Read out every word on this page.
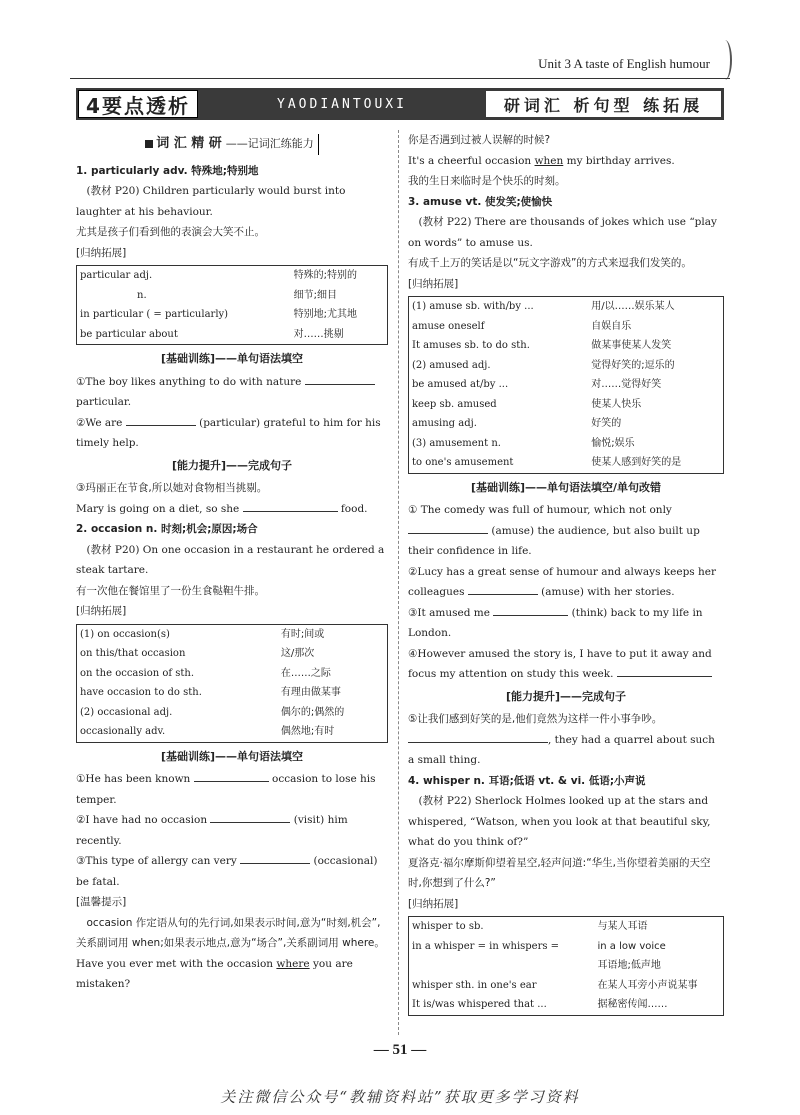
Unit 3 A taste of English humour
4要点透析	YAODIANTOUXI	研词汇 析句型 练拓展
词 汇 精 研 ——记词汇练能力
1. particularly adv. 特殊地;特别地
(教材 P20) Children particularly would burst into laughter at his behaviour.
尤其是孩子们看到他的表演会大笑不止。
[归纳拓展]
particular adj.	特殊的;特别的
n.	细节;细目
in particular ( = particularly)	特别地;尤其地
be particular about	对……挑剔
[基础训练]——单句语法填空
①The boy likes anything to do with nature  particular.
②We are	(particular) grateful to him for his timely help.
[能力提升]——完成句子
③玛丽正在节食,所以她对食物相当挑剔。
Mary is going on a diet, so she	food.
2. occasion n. 时刻;机会;原因;场合
(教材 P20) On one occasion in a restaurant he ordered a steak tartare.
有一次他在餐馆里了一份生食鞑靼牛排。
[归纳拓展]
(1) on occasion(s)	有时;间或
on this/that occasion	这/那次
on the occasion of sth.	在……之际
have occasion to do sth.	有理由做某事
(2) occasional adj.	偶尔的;偶然的
occasionally adv.	偶然地;有时
[基础训练]——单句语法填空
①He has been known	occasion to lose his temper.
②I have had no occasion	(visit) him recently.
③This type of allergy can very	(occasional) be fatal.
[温馨提示]
occasion 作定语从句的先行词,如果表示时间,意为“时刻,机会”,关系副词用 when;如果表示地点,意为“场合”,关系副词用 where。
Have you ever met with the occasion where you are mistaken?
你是否遇到过被人误解的时候?
It's a cheerful occasion when my birthday arrives.
我的生日来临时是个快乐的时刻。
3. amuse vt. 使发笑;使愉快
(教材 P22) There are thousands of jokes which use “play on words” to amuse us.
有成千上万的笑话是以“玩文字游戏”的方式来逗我们发笑的。
[归纳拓展]
(1) amuse sb. with/by ...	用/以……娱乐某人
amuse oneself	自娱自乐
It amuses sb. to do sth.	做某事使某人发笑
(2) amused adj.	觉得好笑的;逗乐的
be amused at/by ...	对……觉得好笑
keep sb. amused	使某人快乐
amusing adj.	好笑的
(3) amusement n.	愉悦;娱乐
to one's amusement	使某人感到好笑的是
[基础训练]——单句语法填空/单句改错
① The comedy was full of humour, which not only  (amuse) the audience, but also built up their confidence in life.
②Lucy has a great sense of humour and always keeps her colleagues	(amuse) with her stories.
③It amused me	(think) back to my life in London.
④However amused the story is, I have to put it away and focus my attention on study this week.
[能力提升]——完成句子
⑤让我们感到好笑的是,他们竟然为这样一件小事争吵。
, they had a quarrel about such a small thing.
4. whisper n. 耳语;低语 vt. & vi. 低语;小声说
(教材 P22) Sherlock Holmes looked up at the stars and whispered, “Watson, when you look at that beautiful sky, what do you think of?”
夏洛克·福尔摩斯仰望着星空,轻声问道:“华生,当你望着美丽的天空时,你想到了什么?”
[归纳拓展]
whisper to sb.	与某人耳语
in a whisper = in whispers =	in a low voice
	耳语地;低声地
whisper sth. in one's ear	在某人耳旁小声说某事
It is/was whispered that ...	据秘密传闻……
— 51 —
关注微信公众号“教辅资料站”获取更多学习资料
